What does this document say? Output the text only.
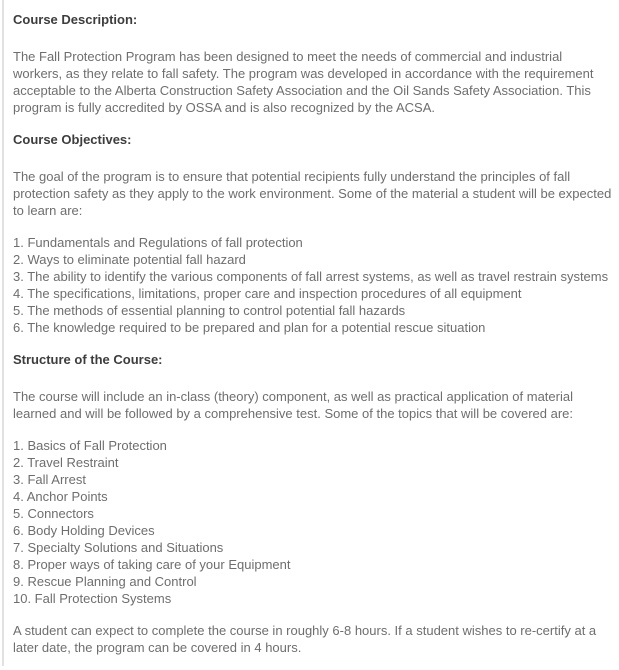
Course Description:

The Fall Protection Program has been designed to meet the needs of commercial and industrial workers, as they relate to fall safety. The program was developed in accordance with the requirement acceptable to the Alberta Construction Safety Association and the Oil Sands Safety Association. This program is fully accredited by OSSA and is also recognized by the ACSA.

Course Objectives:

The goal of the program is to ensure that potential recipients fully understand the principles of fall protection safety as they apply to the work environment. Some of the material a student will be expected to learn are:

1. Fundamentals and Regulations of fall protection
2. Ways to eliminate potential fall hazard
3. The ability to identify the various components of fall arrest systems, as well as travel restrain systems
4. The specifications, limitations, proper care and inspection procedures of all equipment
5. The methods of essential planning to control potential fall hazards
6. The knowledge required to be prepared and plan for a potential rescue situation

Structure of the Course:

The course will include an in-class (theory) component, as well as practical application of material learned and will be followed by a comprehensive test. Some of the topics that will be covered are:

1. Basics of Fall Protection
2. Travel Restraint
3. Fall Arrest
4. Anchor Points
5. Connectors
6. Body Holding Devices
7. Specialty Solutions and Situations
8. Proper ways of taking care of your Equipment
9. Rescue Planning and Control
10. Fall Protection Systems

A student can expect to complete the course in roughly 6-8 hours. If a student wishes to re-certify at a later date, the program can be covered in 4 hours.
